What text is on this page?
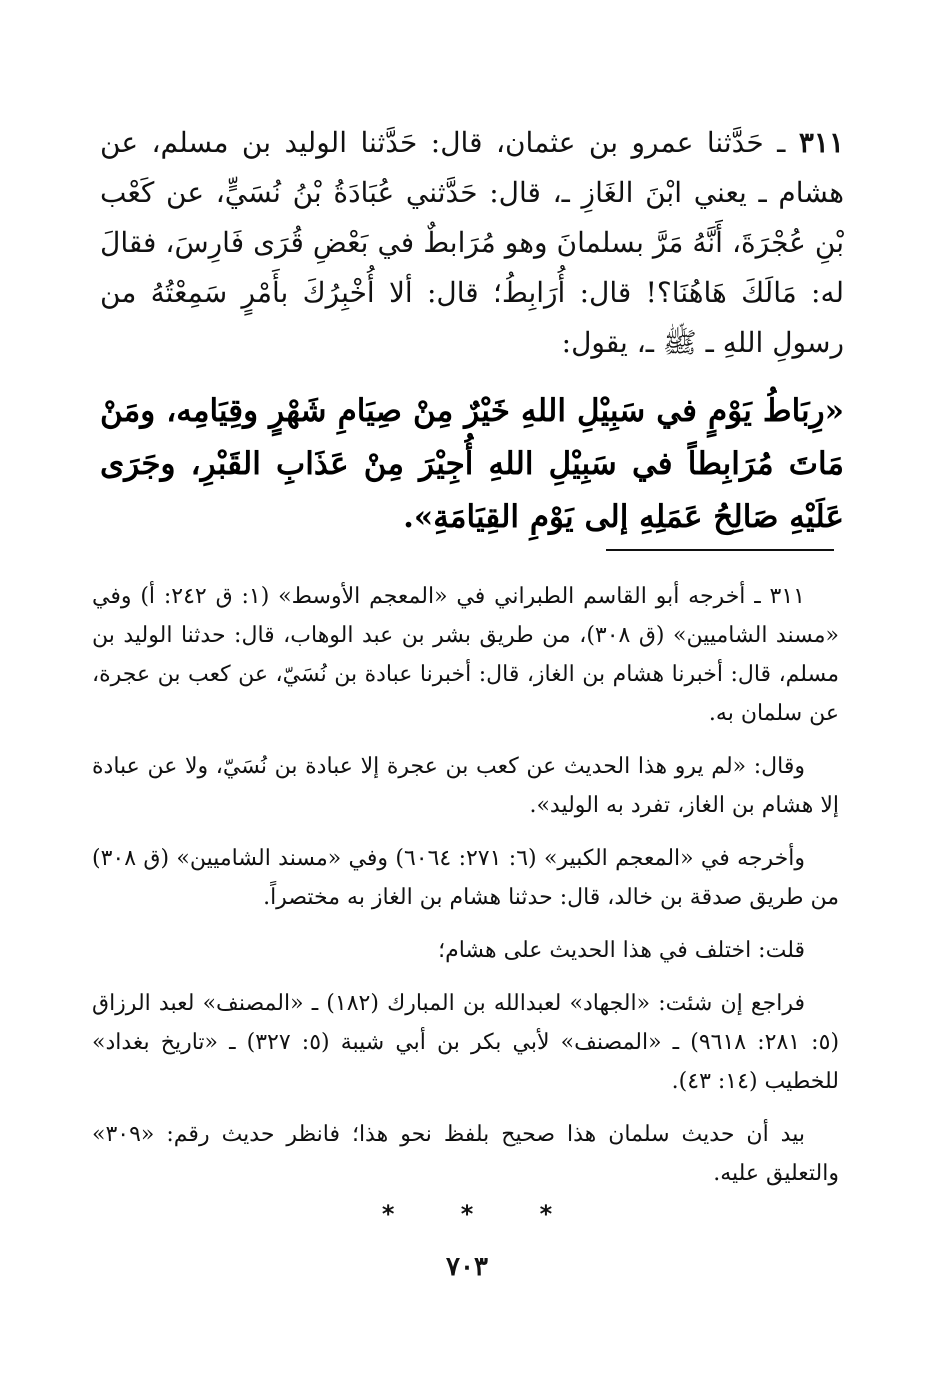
٣١١ ـ حَدَّثنا عمرو بن عثمان، قال: حَدَّثنا الوليد بن مسلم، عن هشام ـ يعني ابْنَ الغَازِ ـ، قال: حَدَّثني عُبَادَةُ بْنُ نُسَيٍّ، عن كَعْب بْنِ عُجْرَةَ، أَنَّهُ مَرَّ بسلمانَ وهو مُرَابطٌ في بَعْضِ قُرَى فَارِسَ، فقالَ له: مَالَكَ هَاهُنَا؟! قال: أُرَابِطُ؛ قال: ألا أُخْبِرُكَ بأَمْرٍ سَمِعْتُهُ من رسولِ اللهِ ـ ﷺ ـ، يقول:

«رِبَاطُ يَوْمٍ في سَبِيْلِ اللهِ خَيْرٌ مِنْ صِيَامِ شَهْرٍ وقِيَامِه، ومَنْ مَاتَ مُرَابِطاً في سَبِيْلِ اللهِ أُجِيْرَ مِنْ عَذَابِ القَبْرِ، وجَرَى عَلَيْهِ صَالِحُ عَمَلِهِ إلى يَوْمِ القِيَامَةِ».

٣١١ ـ أخرجه أبو القاسم الطبراني في «المعجم الأوسط» (١: ق ٢٤٢: أ) وفي «مسند الشاميين» (ق ٣٠٨)، من طريق بشر بن عبد الوهاب، قال: حدثنا الوليد بن مسلم، قال: أخبرنا هشام بن الغاز، قال: أخبرنا عبادة بن نُسَيّ، عن كعب بن عجرة، عن سلمان به.

وقال: «لم يرو هذا الحديث عن كعب بن عجرة إلا عبادة بن نُسَيّ، ولا عن عبادة إلا هشام بن الغاز، تفرد به الوليد».

وأخرجه في «المعجم الكبير» (٦: ٢٧١: ٦٠٦٤) وفي «مسند الشاميين» (ق ٣٠٨) من طريق صدقة بن خالد، قال: حدثنا هشام بن الغاز به مختصراً.

قلت: اختلف في هذا الحديث على هشام؛

فراجع إن شئت: «الجهاد» لعبدالله بن المبارك (١٨٢) ـ «المصنف» لعبد الرزاق (٥: ٢٨١: ٩٦١٨) ـ «المصنف» لأبي بكر بن أبي شيبة (٥: ٣٢٧) ـ «تاريخ بغداد» للخطيب (١٤: ٤٣).

بيد أن حديث سلمان هذا صحيح بلفظ نحو هذا؛ فانظر حديث رقم: «٣٠٩» والتعليق عليه.

* * *
٧٠٣
